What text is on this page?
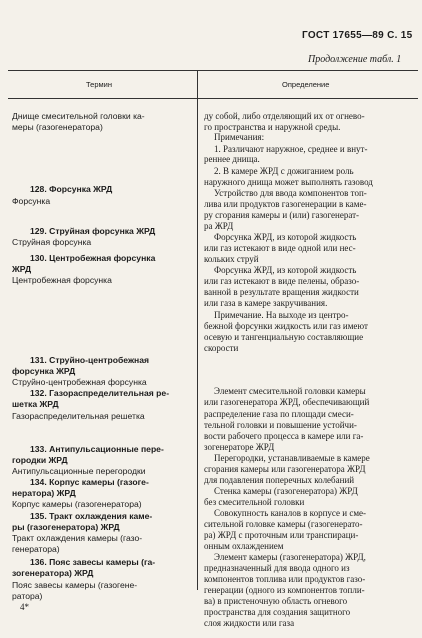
ГОСТ 17655—89 С. 15
Продолжение табл. 1
Термин	Определение
Днище смесительной головки ка-
меры (газогенератора)
128. Форсунка ЖРД
Форсунка
129. Струйная форсунка ЖРД
Струйная форсунка
130. Центробежная форсунка
ЖРД
Центробежная форсунка
131. Струйно-центробежная
форсунка ЖРД
Струйно-центробежная форсунка
132. Газораспределительная ре-
шетка ЖРД
Газораспределительная решетка
133. Антипульсационные пере-
городки ЖРД
Антипульсационные перегородки
134. Корпус камеры (газоге-
нератора) ЖРД
Корпус камеры (газогенератора)
135. Тракт охлаждения каме-
ры (газогенератора) ЖРД
Тракт охлаждения камеры (газо-
генератора)
136. Пояс завесы камеры (га-
зогенератора) ЖРД
Пояс завесы камеры (газогене-
ратора)
ду собой, либо отделяющий их от огнево-
го пространства и наружной среды.
Примечания:
1. Различают наружное, среднее и внут-
реннее днища.
2. В камере ЖРД с дожиганием роль
наружного днища может выполнять газовод
Устройство для ввода компонентов топ-
лива или продуктов газогенерации в каме-
ру сгорания камеры и (или) газогенерат-
ра ЖРД
Форсунка ЖРД, из которой жидкость
или газ истекают в виде одной или нес-
кольких струй
Форсунка ЖРД, из которой жидкость
или газ истекают в виде пелены, образо-
ванной в результате вращения жидкости
или газа в камере закручивания.
Примечание. На выходе из центро-
бежной форсунки жидкость или газ имеют
осевую и тангенциальную составляющие
скорости
Элемент смесительной головки камеры
или газогенератора ЖРД, обеспечивающий
распределение газа по площади смеси-
тельной головки и повышение устойчи-
вости рабочего процесса в камере или га-
зогенераторе ЖРД
Перегородки, устанавливаемые в камере
сгорания камеры или газогенератора ЖРД
для подавления поперечных колебаний
Стенка камеры (газогенератора) ЖРД
без смесительной головки
Совокупность каналов в корпусе и сме-
сительной головке камеры (газогенерато-
ра) ЖРД с проточным или транспираци-
онным охлаждением
Элемент камеры (газогенератора) ЖРД,
предназначенный для ввода одного из
компонентов топлива или продуктов газо-
генерации (одного из компонентов топли-
ва) в пристеночную область огневого
пространства для создания защитного
слоя жидкости или газа
4*
